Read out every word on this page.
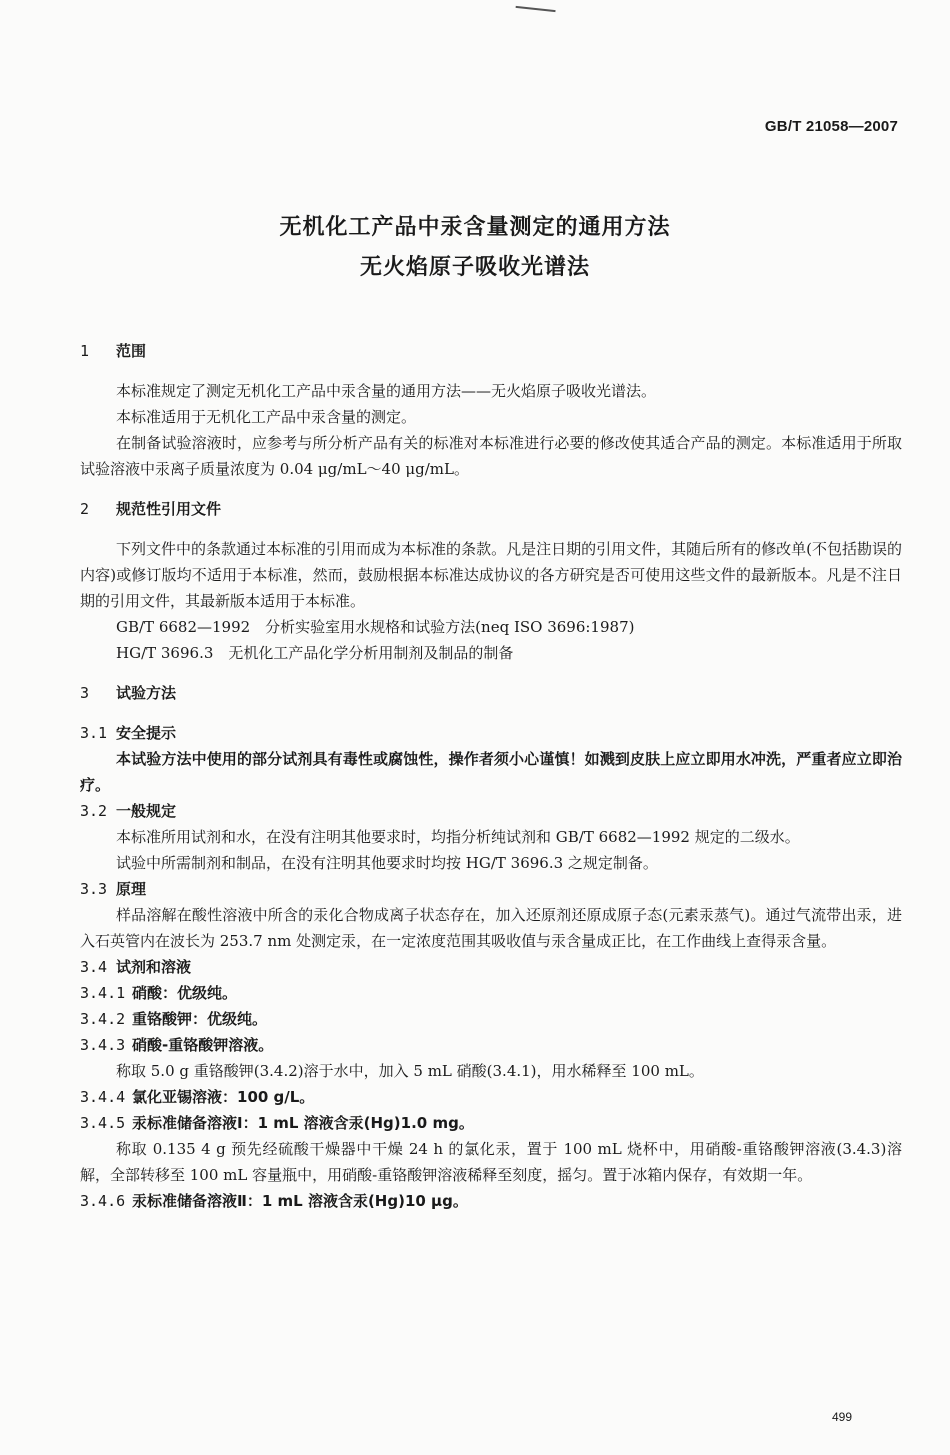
GB/T 21058—2007
无机化工产品中汞含量测定的通用方法
无火焰原子吸收光谱法
1 范围

本标准规定了测定无机化工产品中汞含量的通用方法——无火焰原子吸收光谱法。

本标准适用于无机化工产品中汞含量的测定。

在制备试验溶液时，应参考与所分析产品有关的标准对本标准进行必要的修改使其适合产品的测定。本标准适用于所取试验溶液中汞离子质量浓度为 0.04 μg/mL～40 μg/mL。

2 规范性引用文件

下列文件中的条款通过本标准的引用而成为本标准的条款。凡是注日期的引用文件，其随后所有的修改单(不包括勘误的内容)或修订版均不适用于本标准，然而，鼓励根据本标准达成协议的各方研究是否可使用这些文件的最新版本。凡是不注日期的引用文件，其最新版本适用于本标准。

GB/T 6682—1992　分析实验室用水规格和试验方法(neq ISO 3696:1987)

HG/T 3696.3　无机化工产品化学分析用制剂及制品的制备

3 试验方法
3.1 安全提示

本试验方法中使用的部分试剂具有毒性或腐蚀性，操作者须小心谨慎！如溅到皮肤上应立即用水冲洗，严重者应立即治疗。

3.2 一般规定

本标准所用试剂和水，在没有注明其他要求时，均指分析纯试剂和 GB/T 6682—1992 规定的二级水。

试验中所需制剂和制品，在没有注明其他要求时均按 HG/T 3696.3 之规定制备。

3.3 原理

样品溶解在酸性溶液中所含的汞化合物成离子状态存在，加入还原剂还原成原子态(元素汞蒸气)。通过气流带出汞，进入石英管内在波长为 253.7 nm 处测定汞，在一定浓度范围其吸收值与汞含量成正比，在工作曲线上查得汞含量。

3.4 试剂和溶液
3.4.1 硝酸：优级纯。
3.4.2 重铬酸钾：优级纯。
3.4.3 硝酸-重铬酸钾溶液。

称取 5.0 g 重铬酸钾(3.4.2)溶于水中，加入 5 mL 硝酸(3.4.1)，用水稀释至 100 mL。

3.4.4 氯化亚锡溶液：100 g/L。
3.4.5 汞标准储备溶液Ⅰ：1 mL 溶液含汞(Hg)1.0 mg。

称取 0.135 4 g 预先经硫酸干燥器中干燥 24 h 的氯化汞，置于 100 mL 烧杯中，用硝酸-重铬酸钾溶液(3.4.3)溶解，全部转移至 100 mL 容量瓶中，用硝酸-重铬酸钾溶液稀释至刻度，摇匀。置于冰箱内保存，有效期一年。

3.4.6 汞标准储备溶液Ⅱ：1 mL 溶液含汞(Hg)10 μg。
499
